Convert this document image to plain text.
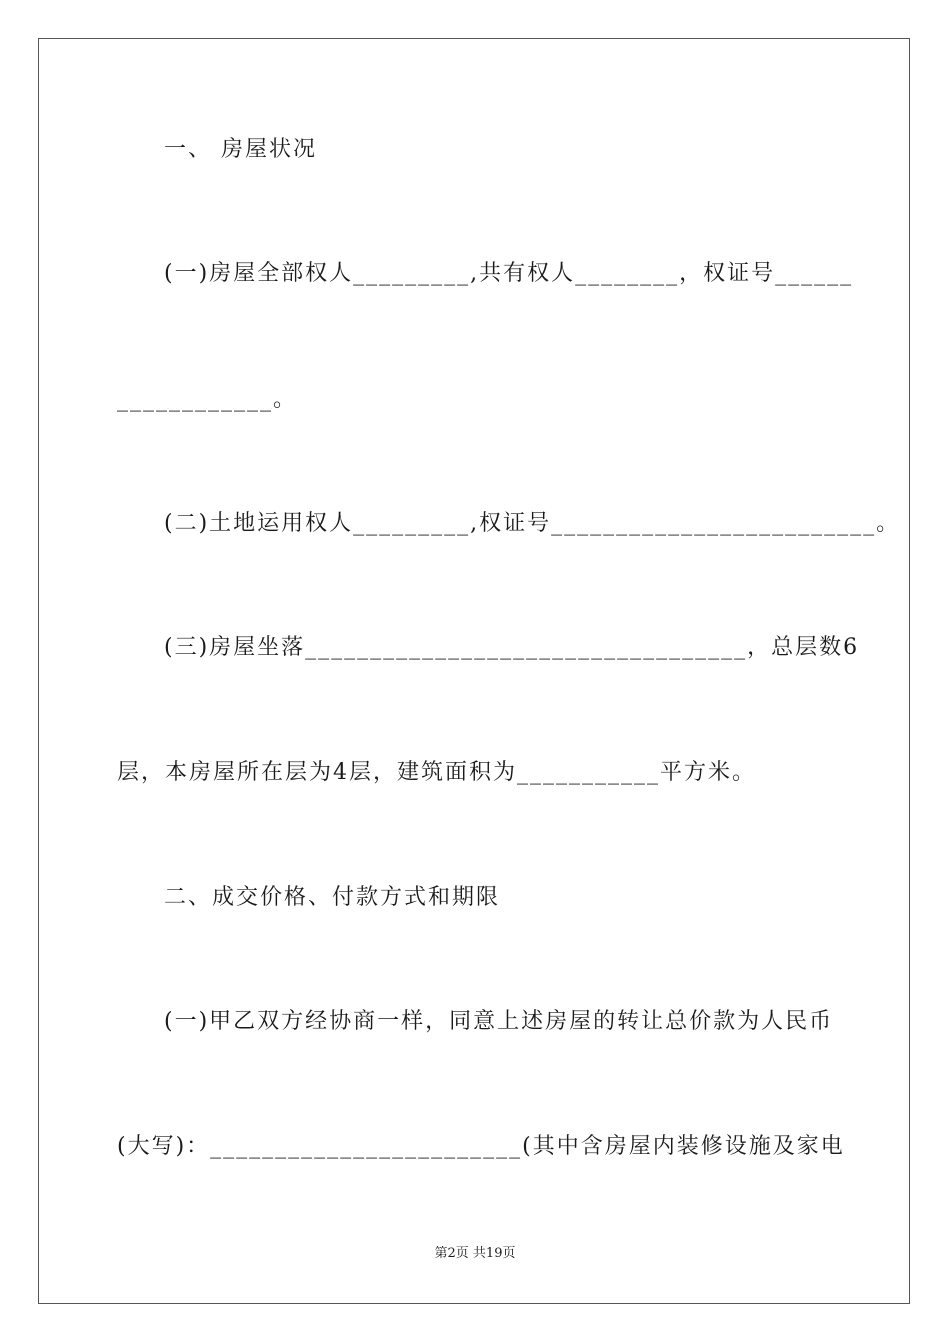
一、 房屋状况
(一)房屋全部权人_________,共有权人________，权证号______
____________。
(二)土地运用权人_________,权证号_________________________。
(三)房屋坐落__________________________________，总层数6
层，本房屋所在层为4层，建筑面积为___________平方米。
二、成交价格、付款方式和期限
(一)甲乙双方经协商一样，同意上述房屋的转让总价款为人民币
(大写)：________________________(其中含房屋内装修设施及家电
第2页 共19页
